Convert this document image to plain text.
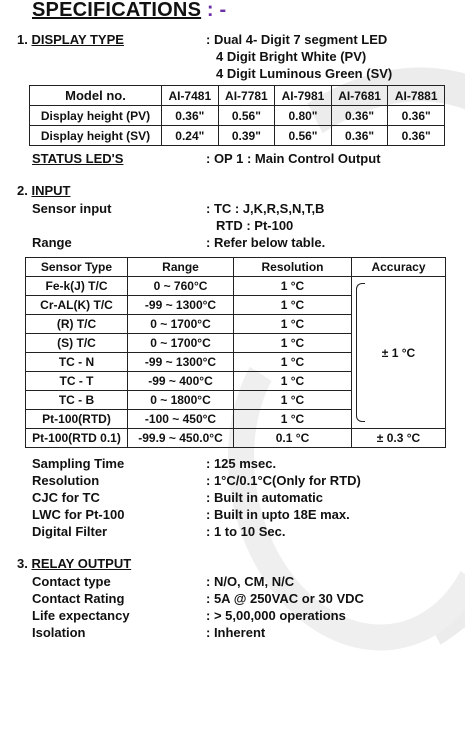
SPECIFICATIONS : -
1. DISPLAY TYPE	: Dual 4- Digit 7 segment LED
4 Digit Bright White (PV)
4 Digit Luminous Green (SV)
Model no.	AI-7481	AI-7781	AI-7981	AI-7681	AI-7881
Display height (PV)	0.36"	0.56"	0.80"	0.36"	0.36"
Display height (SV)	0.24"	0.39"	0.56"	0.36"	0.36"
STATUS LED'S	: OP 1 : Main Control Output
2. INPUT
Sensor input	: TC : J,K,R,S,N,T,B
RTD : Pt-100
Range	: Refer below table.
Sensor Type	Range	Resolution	Accuracy
Fe-k(J) T/C	0 ~ 760°C	1 °C	± 1 °C
Cr-AL(K) T/C	-99 ~ 1300°C	1 °C	
(R) T/C	0 ~ 1700°C	1 °C	
(S) T/C	0 ~ 1700°C	1 °C	
TC - N	-99 ~ 1300°C	1 °C	
TC - T	-99 ~ 400°C	1 °C	
TC - B	0 ~ 1800°C	1 °C	
Pt-100(RTD)	-100 ~ 450°C	1 °C	
Pt-100(RTD 0.1)	-99.9 ~ 450.0°C	0.1 °C	± 0.3 °C
Sampling Time	: 125 msec.
Resolution	: 1°C/0.1°C(Only for RTD)
CJC for TC	: Built in automatic
LWC for Pt-100	: Built in upto 18E max.
Digital Filter	: 1 to 10 Sec.
3. RELAY OUTPUT
Contact type	: N/O, CM, N/C
Contact Rating	: 5A @ 250VAC or 30 VDC
Life expectancy	: > 5,00,000 operations
Isolation	: Inherent
